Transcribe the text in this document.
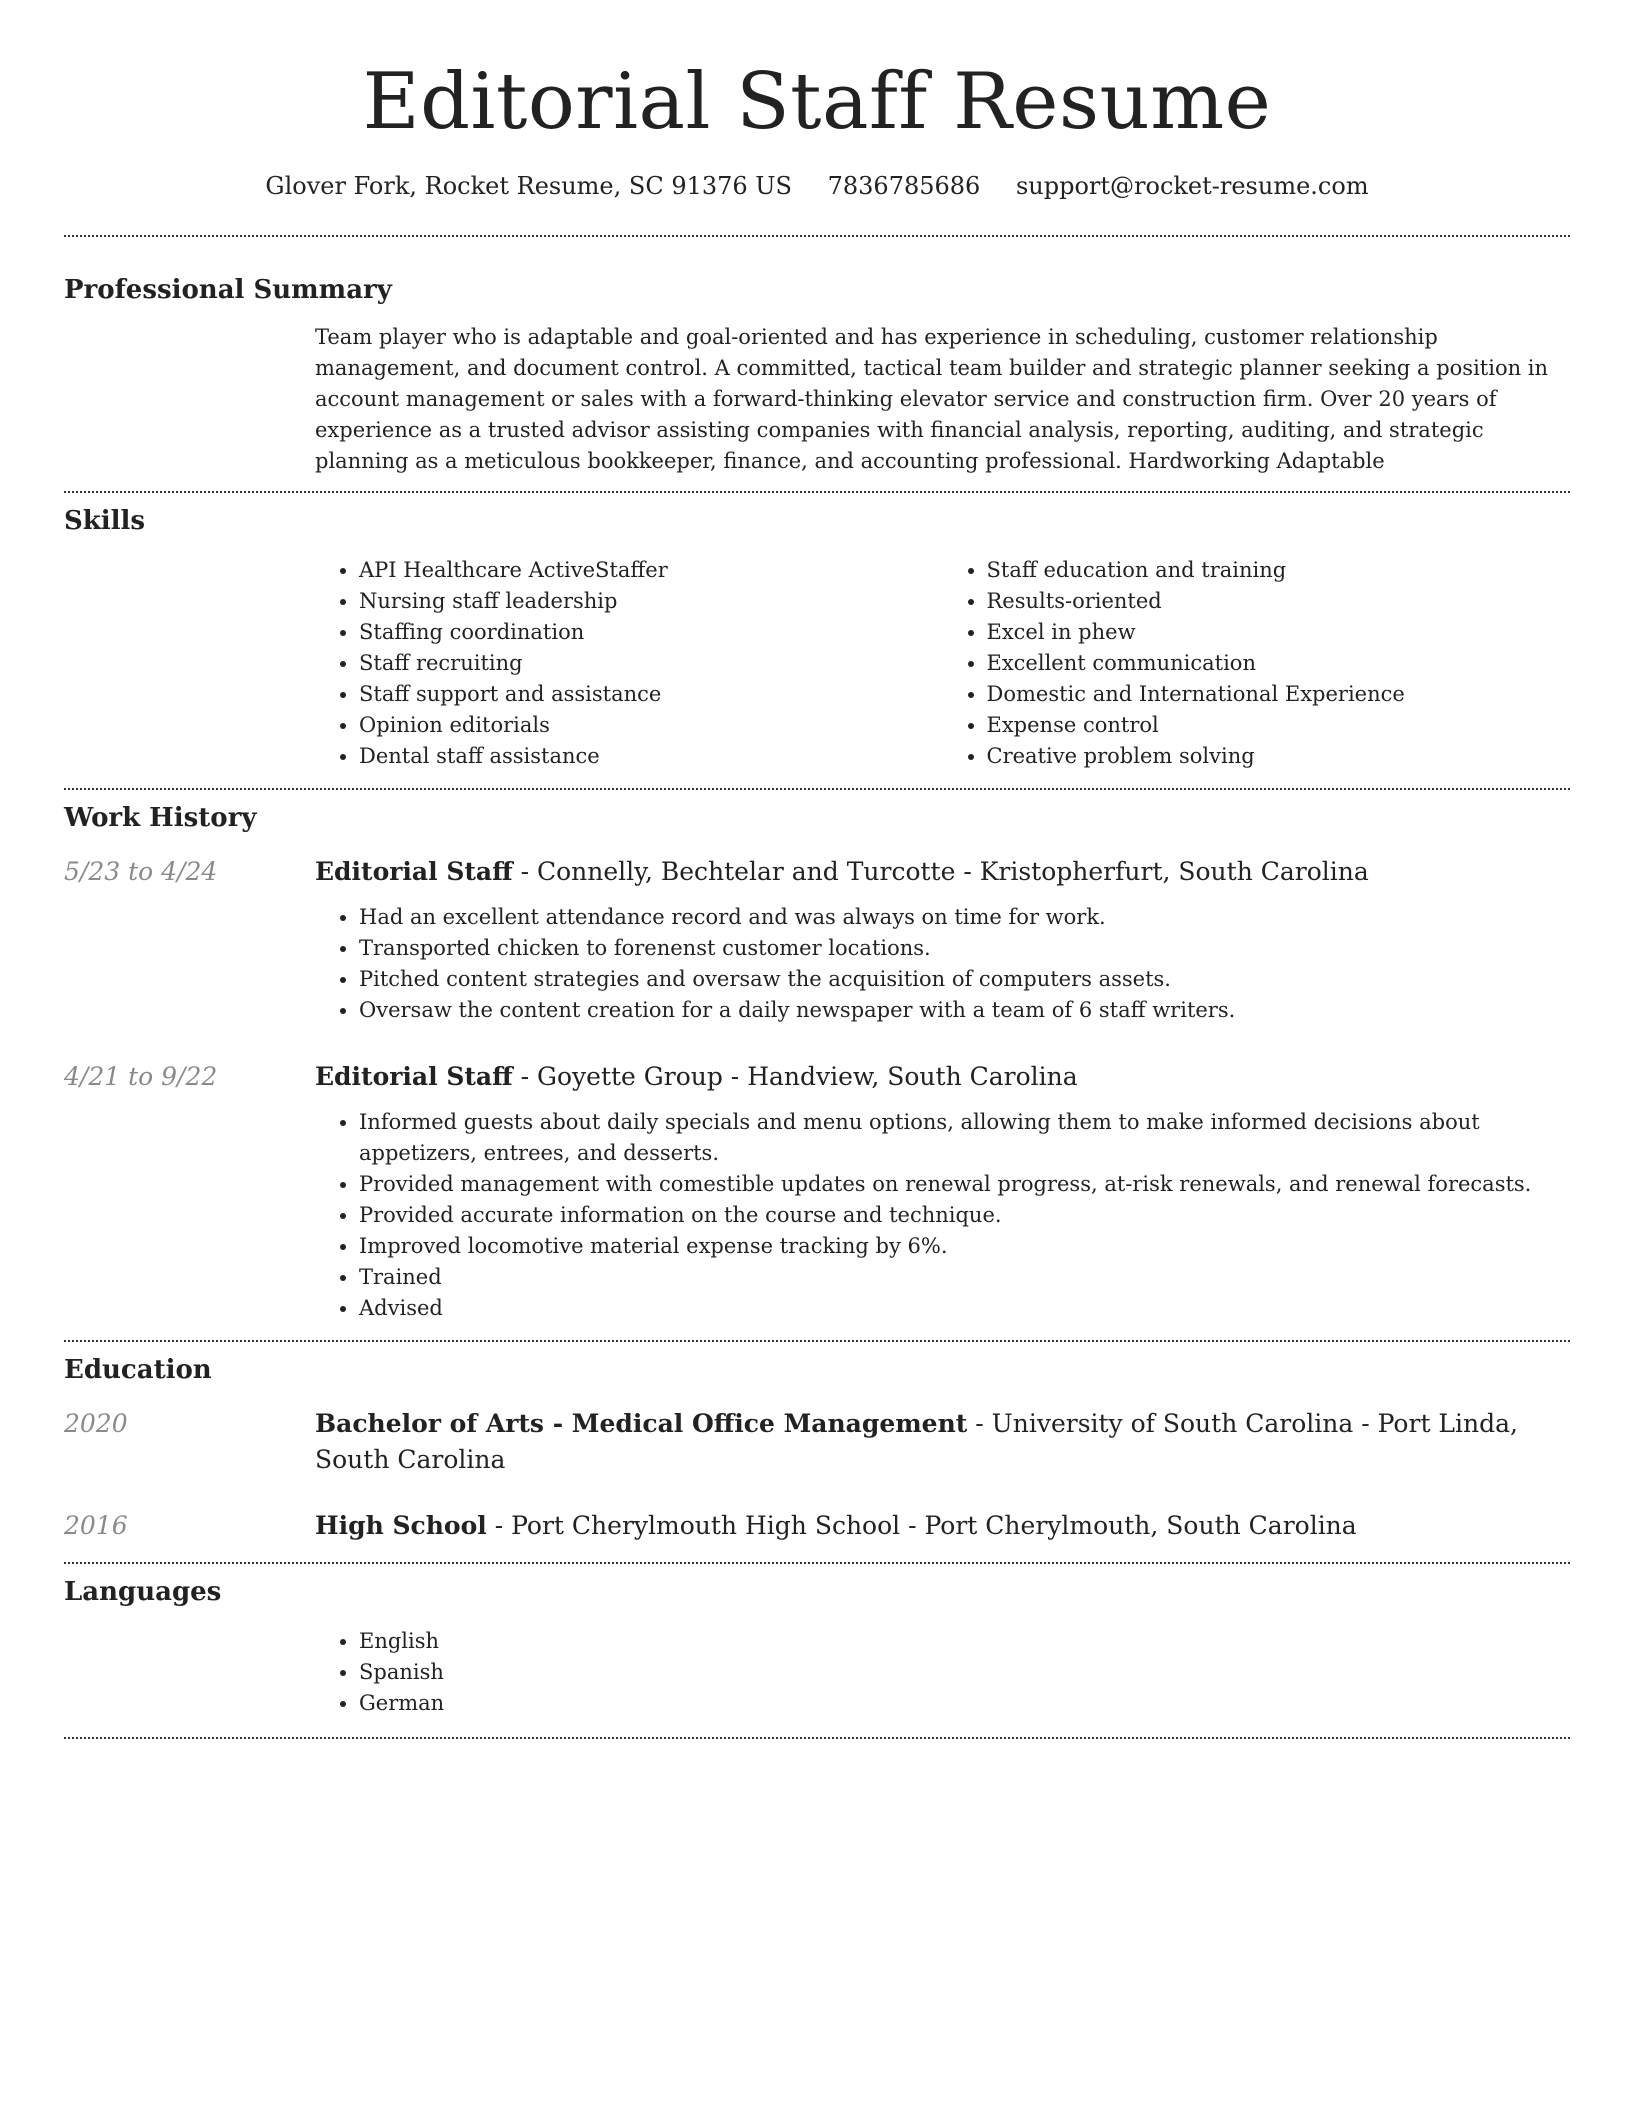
Editorial Staff Resume
Glover Fork, Rocket Resume, SC 91376 US 7836785686 support@rocket-resume.com
Professional Summary

Team player who is adaptable and goal-oriented and has experience in scheduling, customer relationship management, and document control. A committed, tactical team builder and strategic planner seeking a position in account management or sales with a forward-thinking elevator service and construction firm. Over 20 years of experience as a trusted advisor assisting companies with financial analysis, reporting, auditing, and strategic planning as a meticulous bookkeeper, finance, and accounting professional. Hardworking Adaptable

Skills
• API Healthcare ActiveStaffer
• Nursing staff leadership
• Staffing coordination
• Staff recruiting
• Staff support and assistance
• Opinion editorials
• Dental staff assistance
• Staff education and training
• Results-oriented
• Excel in phew
• Excellent communication
• Domestic and International Experience
• Expense control
• Creative problem solving
Work History
5/23 to 4/24	Editorial Staff - Connelly, Bechtelar and Turcotte - Kristopherfurt, South Carolina

• Had an excellent attendance record and was always on time for work.
• Transported chicken to forenenst customer locations.
• Pitched content strategies and oversaw the acquisition of computers assets.
• Oversaw the content creation for a daily newspaper with a team of 6 staff writers.
4/21 to 9/22	Editorial Staff - Goyette Group - Handview, South Carolina

• Informed guests about daily specials and menu options, allowing them to make informed decisions about appetizers, entrees, and desserts.
• Provided management with comestible updates on renewal progress, at-risk renewals, and renewal forecasts.
• Provided accurate information on the course and technique.
• Improved locomotive material expense tracking by 6%.
• Trained
• Advised
Education
2020	Bachelor of Arts - Medical Office Management - University of South Carolina - Port Linda, South Carolina

2016	High School - Port Cherylmouth High School - Port Cherylmouth, South Carolina

Languages
• English
• Spanish
• German
